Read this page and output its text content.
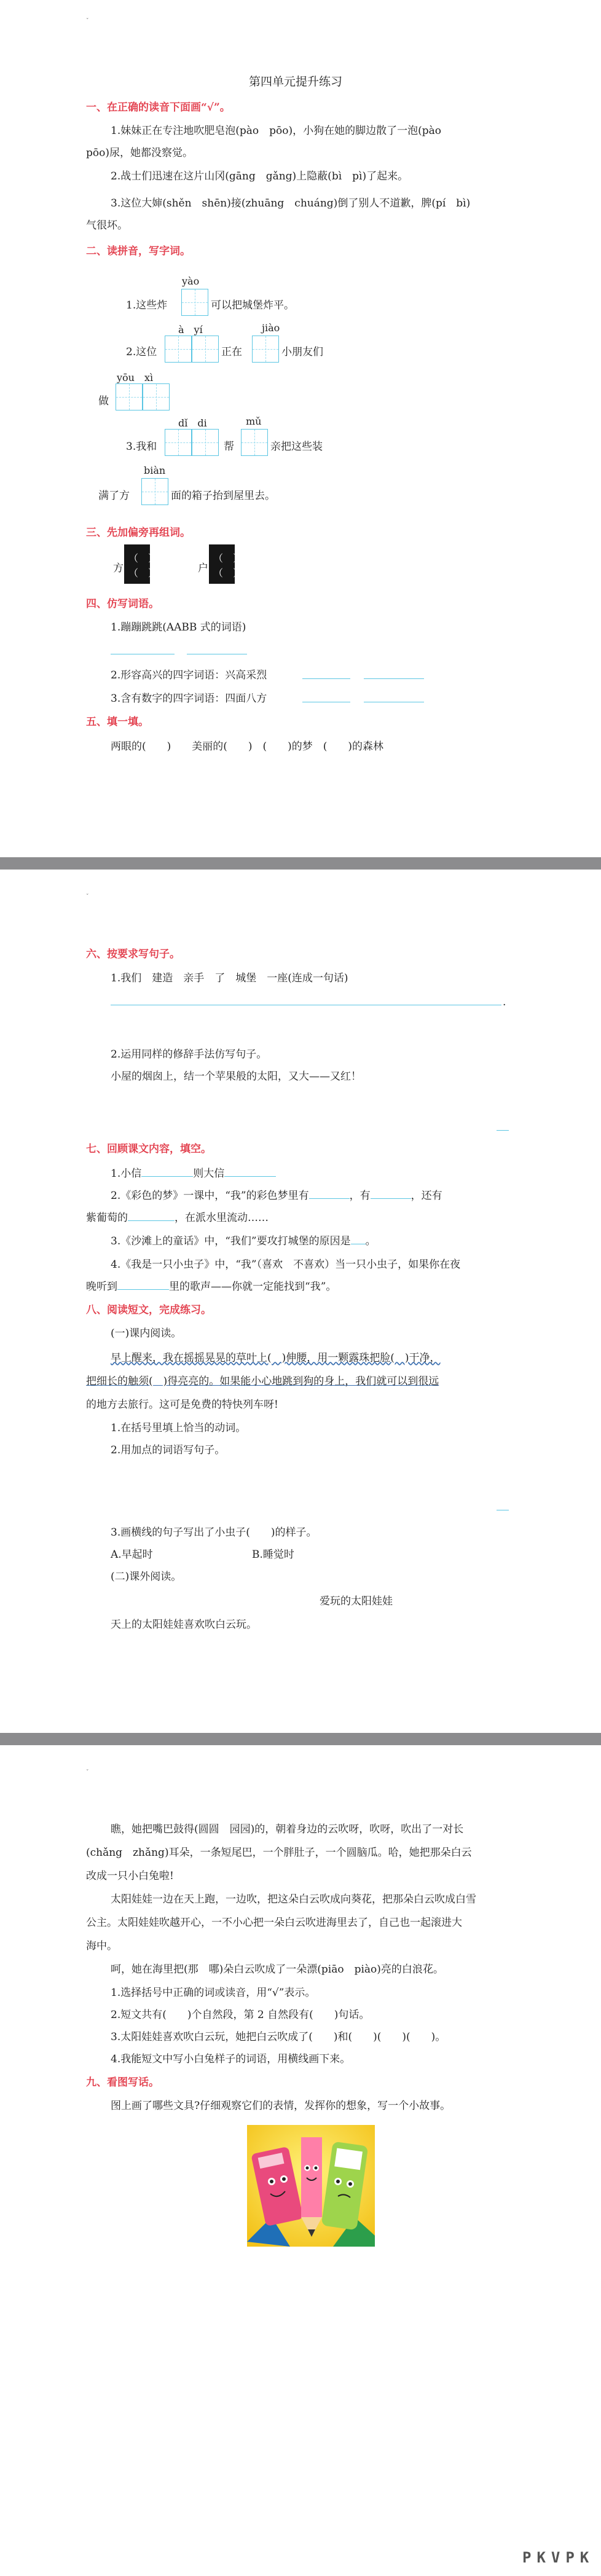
ˇ
第四单元提升练习
一、在正确的读音下面画“√”。
1.妹妹正在专注地吹肥皂泡(pào　pōo)，小狗在她的脚边散了一泡(pào
pōo)尿，她都没察觉。
2.战士们迅速在这片山冈(gāng　gǎng)上隐蔽(bì　pì)了起来。
3.这位大婶(shěn　shēn)接(zhuāng　chuáng)倒了别人不道歉，脾(pí　bì)
气很坏。
二、读拼音，写字词。
yào
1.这些炸	可以把城堡炸平。
à　yí	jiào
2.这位	正在	小朋友们
yōu　xì
做
dǐ　di	mǔ
3.我和	帮	亲把这些装
biàn
满了方	面的箱子抬到屋里去。
三、先加偏旁再组词。
方
（　）
（　）	户
（　）
（　）
四、仿写词语。
1.蹦蹦跳跳(AABB 式的词语)
2.形容高兴的四字词语：兴高采烈
3.含有数字的四字词语：四面八方
五、填一填。
两眼的(　　)　　美丽的(　　)　(　　)的梦　(　　)的森林
ˇ
六、按要求写句子。
1.我们　建造　亲手　了　城堡　一座(连成一句话)
.
2.运用同样的修辞手法仿写句子。
小屋的烟囱上，结一个苹果般的太阳，又大——又红！
七、回顾课文内容，填空。
1.小信	则大信
2.《彩色的梦》一课中，“我”的彩色梦里有	，有	，还有
紫葡萄的	，在派水里流动……
3.《沙滩上的童话》中，“我们”要攻打城堡的原因是 。
4.《我是一只小虫子》中，“我”（喜欢　不喜欢）当一只小虫子，如果你在夜
晚听到	里的歌声——你就一定能找到“我”。
八、阅读短文，完成练习。
(一)课内阅读。
早上醒来，我在摇摇晃晃的草叶上(　)伸腰，用一颗露珠把脸(　)干净，
把细长的触须(　)得亮亮的。如果能小心地跳到狗的身上，我们就可以到很远
的地方去旅行。这可是免费的特快列车呀!
1.在括号里填上恰当的动词。
2.用加点的词语写句子。
3.画横线的句子写出了小虫子(　　)的样子。
A.早起时	B.睡觉时
(二)课外阅读。
爱玩的太阳娃娃
天上的太阳娃娃喜欢吹白云玩。
ˇ
瞧，她把嘴巴鼓得(圆圆　园园)的，朝着身边的云吹呀，吹呀，吹出了一对长
(chǎng　zhǎng)耳朵，一条短尾巴，一个胖肚子，一个圆脑瓜。哈，她把那朵白云
改成一只小白兔啦!
太阳娃娃一边在天上跑，一边吹，把这朵白云吹成向葵花，把那朵白云吹成白雪
公主。太阳娃娃吹越开心，一不小心把一朵白云吹进海里去了，自己也一起滚进大
海中。
呵，她在海里把(那　哪)朵白云吹成了一朵漂(piāo　piào)亮的白浪花。
1.选择括号中正确的词或读音，用“√”表示。
2.短文共有(　　)个自然段，第 2 自然段有(　　)句话。
3.太阳娃娃喜欢吹白云玩，她把白云吹成了(　　)和(　　)(　　)(　　)。
4.我能短文中写小白兔样子的词语，用横线画下来。
九、看图写话。
图上画了哪些文具?仔细观察它们的表情，发挥你的想象，写一个小故事。
PKVPK
